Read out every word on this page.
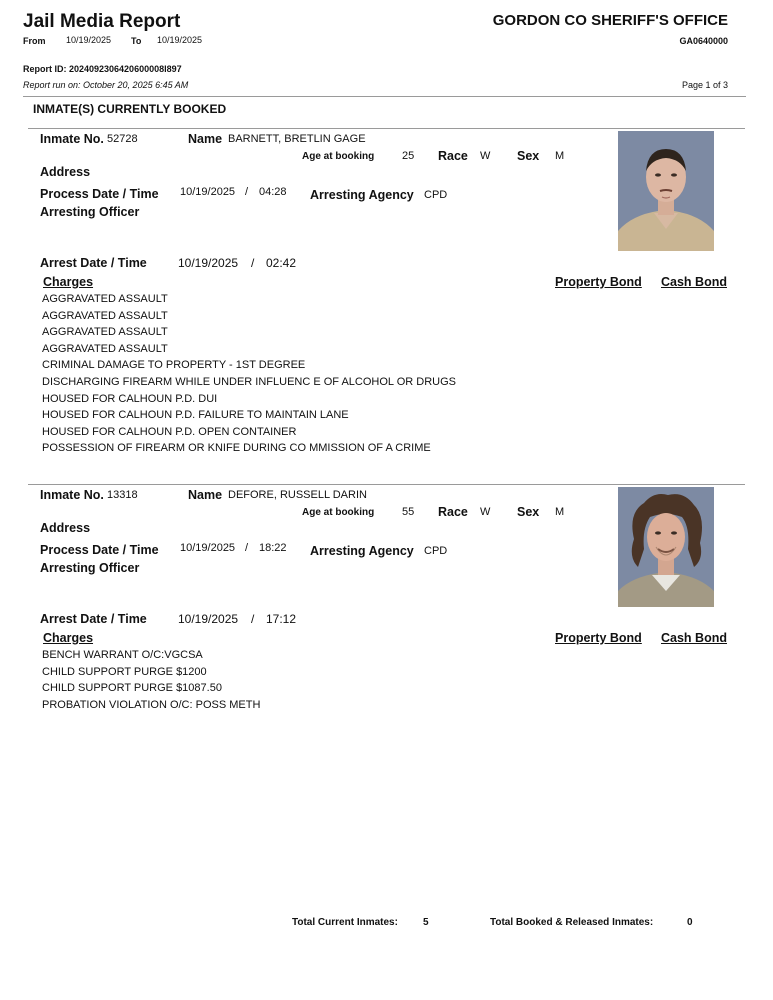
Jail Media Report	GORDON CO SHERIFF'S OFFICE
From 10/19/2025 To 10/19/2025	GA0640000
Report ID: 2024092306420600008l897
Report run on: October 20, 2025 6:45 AM	Page 1 of 3
INMATE(S) CURRENTLY BOOKED
Inmate No. 52728	Name BARNETT, BRETLIN GAGE
Age at booking	25 Race W Sex M
Address
Process Date / Time 10/19/2025 / 04:28 Arresting Agency CPD
Arresting Officer
Arrest Date / Time	10/19/2025 / 02:42
Charges	Property Bond Cash Bond
AGGRAVATED ASSAULT
AGGRAVATED ASSAULT
AGGRAVATED ASSAULT
AGGRAVATED ASSAULT
CRIMINAL DAMAGE TO PROPERTY - 1ST DEGREE
DISCHARGING FIREARM WHILE UNDER INFLUENC E OF ALCOHOL OR DRUGS
HOUSED FOR CALHOUN P.D. DUI
HOUSED FOR CALHOUN P.D. FAILURE TO MAINTAIN LANE
HOUSED FOR CALHOUN P.D. OPEN CONTAINER
POSSESSION OF FIREARM OR KNIFE DURING CO MMISSION OF A CRIME
Inmate No. 13318	Name DEFORE, RUSSELL DARIN
Age at booking	55 Race W Sex M
Address
Process Date / Time 10/19/2025 / 18:22 Arresting Agency CPD
Arresting Officer
Arrest Date / Time	10/19/2025 / 17:12
Charges	Property Bond Cash Bond
BENCH WARRANT O/C:VGCSA
CHILD SUPPORT PURGE $1200
CHILD SUPPORT PURGE $1087.50
PROBATION VIOLATION O/C: POSS METH
Total Current Inmates:	5	Total Booked & Released Inmates:	0
